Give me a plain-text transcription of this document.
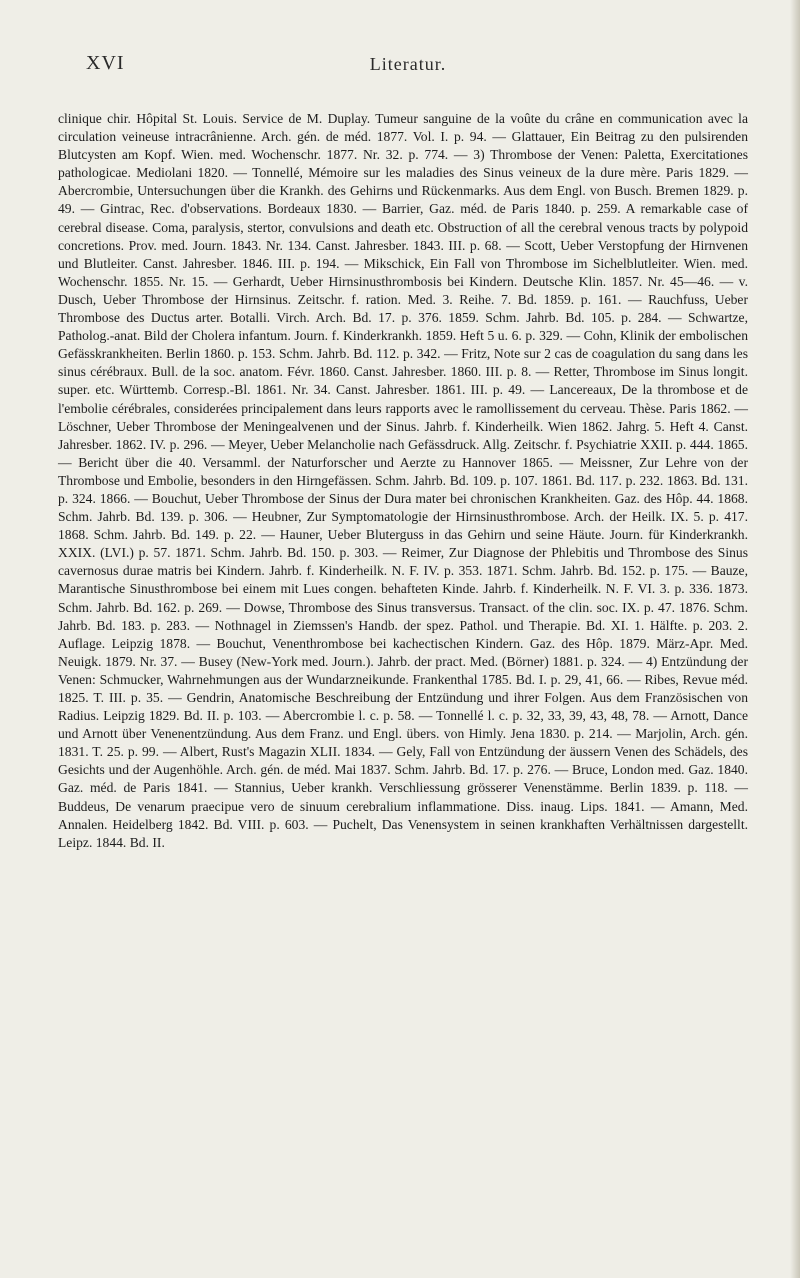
XVI	Literatur.

clinique chir. Hôpital St. Louis. Service de M. Duplay. Tumeur sanguine de la voûte du crâne en communication avec la circulation veineuse intracrânienne. Arch. gén. de méd. 1877. Vol. I. p. 94. — Glattauer, Ein Beitrag zu den pulsirenden Blutcysten am Kopf. Wien. med. Wochenschr. 1877. Nr. 32. p. 774. — 3) Thrombose der Venen: Paletta, Exercitationes pathologicae. Mediolani 1820. — Tonnellé, Mémoire sur les maladies des Sinus veineux de la dure mère. Paris 1829. — Abercrombie, Untersuchungen über die Krankh. des Gehirns und Rückenmarks. Aus dem Engl. von Busch. Bremen 1829. p. 49. — Gintrac, Rec. d'observations. Bordeaux 1830. — Barrier, Gaz. méd. de Paris 1840. p. 259. A remarkable case of cerebral disease. Coma, paralysis, stertor, convulsions and death etc. Obstruction of all the cerebral venous tracts by polypoid concretions. Prov. med. Journ. 1843. Nr. 134. Canst. Jahresber. 1843. III. p. 68. — Scott, Ueber Verstopfung der Hirnvenen und Blutleiter. Canst. Jahresber. 1846. III. p. 194. — Mikschick, Ein Fall von Thrombose im Sichelblutleiter. Wien. med. Wochenschr. 1855. Nr. 15. — Gerhardt, Ueber Hirnsinusthrombosis bei Kindern. Deutsche Klin. 1857. Nr. 45—46. — v. Dusch, Ueber Thrombose der Hirnsinus. Zeitschr. f. ration. Med. 3. Reihe. 7. Bd. 1859. p. 161. — Rauchfuss, Ueber Thrombose des Ductus arter. Botalli. Virch. Arch. Bd. 17. p. 376. 1859. Schm. Jahrb. Bd. 105. p. 284. — Schwartze, Patholog.-anat. Bild der Cholera infantum. Journ. f. Kinderkrankh. 1859. Heft 5 u. 6. p. 329. — Cohn, Klinik der embolischen Gefässkrankheiten. Berlin 1860. p. 153. Schm. Jahrb. Bd. 112. p. 342. — Fritz, Note sur 2 cas de coagulation du sang dans les sinus cérébraux. Bull. de la soc. anatom. Févr. 1860. Canst. Jahresber. 1860. III. p. 8. — Retter, Thrombose im Sinus longit. super. etc. Württemb. Corresp.-Bl. 1861. Nr. 34. Canst. Jahresber. 1861. III. p. 49. — Lancereaux, De la thrombose et de l'embolie cérébrales, considerées principalement dans leurs rapports avec le ramollissement du cerveau. Thèse. Paris 1862. — Löschner, Ueber Thrombose der Meningealvenen und der Sinus. Jahrb. f. Kinderheilk. Wien 1862. Jahrg. 5. Heft 4. Canst. Jahresber. 1862. IV. p. 296. — Meyer, Ueber Melancholie nach Gefässdruck. Allg. Zeitschr. f. Psychiatrie XXII. p. 444. 1865. — Bericht über die 40. Versamml. der Naturforscher und Aerzte zu Hannover 1865. — Meissner, Zur Lehre von der Thrombose und Embolie, besonders in den Hirngefässen. Schm. Jahrb. Bd. 109. p. 107. 1861. Bd. 117. p. 232. 1863. Bd. 131. p. 324. 1866. — Bouchut, Ueber Thrombose der Sinus der Dura mater bei chronischen Krankheiten. Gaz. des Hôp. 44. 1868. Schm. Jahrb. Bd. 139. p. 306. — Heubner, Zur Symptomatologie der Hirnsinusthrombose. Arch. der Heilk. IX. 5. p. 417. 1868. Schm. Jahrb. Bd. 149. p. 22. — Hauner, Ueber Bluterguss in das Gehirn und seine Häute. Journ. für Kinderkrankh. XXIX. (LVI.) p. 57. 1871. Schm. Jahrb. Bd. 150. p. 303. — Reimer, Zur Diagnose der Phlebitis und Thrombose des Sinus cavernosus durae matris bei Kindern. Jahrb. f. Kinderheilk. N. F. IV. p. 353. 1871. Schm. Jahrb. Bd. 152. p. 175. — Bauze, Marantische Sinusthrombose bei einem mit Lues congen. behafteten Kinde. Jahrb. f. Kinderheilk. N. F. VI. 3. p. 336. 1873. Schm. Jahrb. Bd. 162. p. 269. — Dowse, Thrombose des Sinus transversus. Transact. of the clin. soc. IX. p. 47. 1876. Schm. Jahrb. Bd. 183. p. 283. — Nothnagel in Ziemssen's Handb. der spez. Pathol. und Therapie. Bd. XI. 1. Hälfte. p. 203. 2. Auflage. Leipzig 1878. — Bouchut, Venenthrombose bei kachectischen Kindern. Gaz. des Hôp. 1879. März-Apr. Med. Neuigk. 1879. Nr. 37. — Busey (New-York med. Journ.). Jahrb. der pract. Med. (Börner) 1881. p. 324. — 4) Entzündung der Venen: Schmucker, Wahrnehmungen aus der Wundarzneikunde. Frankenthal 1785. Bd. I. p. 29, 41, 66. — Ribes, Revue méd. 1825. T. III. p. 35. — Gendrin, Anatomische Beschreibung der Entzündung und ihrer Folgen. Aus dem Französischen von Radius. Leipzig 1829. Bd. II. p. 103. — Abercrombie l. c. p. 58. — Tonnellé l. c. p. 32, 33, 39, 43, 48, 78. — Arnott, Dance und Arnott über Venenentzündung. Aus dem Franz. und Engl. übers. von Himly. Jena 1830. p. 214. — Marjolin, Arch. gén. 1831. T. 25. p. 99. — Albert, Rust's Magazin XLII. 1834. — Gely, Fall von Entzündung der äussern Venen des Schädels, des Gesichts und der Augenhöhle. Arch. gén. de méd. Mai 1837. Schm. Jahrb. Bd. 17. p. 276. — Bruce, London med. Gaz. 1840. Gaz. méd. de Paris 1841. — Stannius, Ueber krankh. Verschliessung grösserer Venenstämme. Berlin 1839. p. 118. — Buddeus, De venarum praecipue vero de sinuum cerebralium inflammatione. Diss. inaug. Lips. 1841. — Amann, Med. Annalen. Heidelberg 1842. Bd. VIII. p. 603. — Puchelt, Das Venensystem in seinen krankhaften Verhältnissen dargestellt. Leipz. 1844. Bd. II.
